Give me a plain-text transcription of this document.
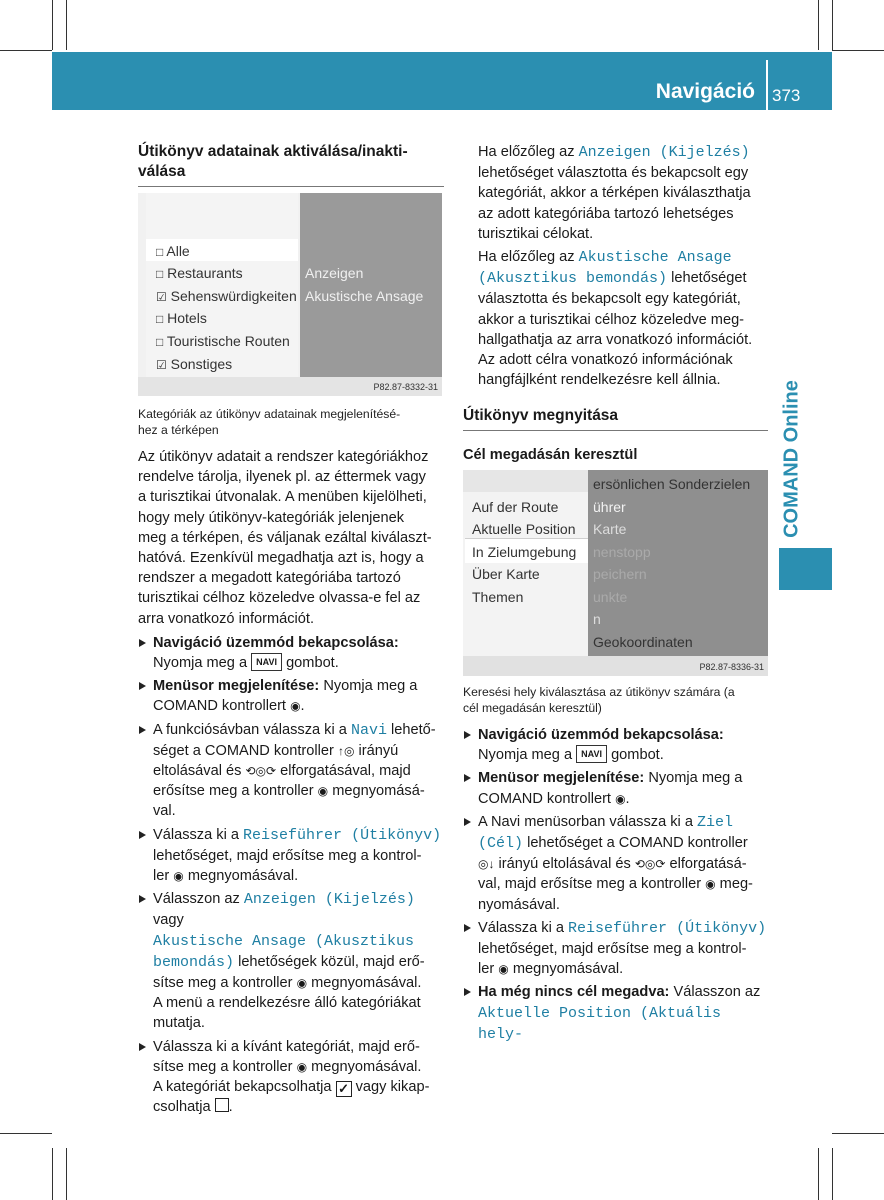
Navigáció 373
COMAND Online
Útikönyv adatainak aktiválása/inakti-
válása
P82.87-8332-31
□ Alle
□ Restaurants
☑ Sehenswürdigkeiten
□ Hotels
□ Touristische Routen
☑ Sonstiges
Anzeigen
Akustische Ansage
Kategóriák az útikönyv adatainak megjelenítésé-
hez a térképen
Az útikönyv adatait a rendszer kategóriákhoz
rendelve tárolja, ilyenek pl. az éttermek vagy
a turisztikai útvonalak. A menüben kijelölheti,
hogy mely útikönyv-kategóriák jelenjenek
meg a térképen, és váljanak ezáltal kiválaszt-
hatóvá. Ezenkívül megadhatja azt is, hogy a
rendszer a megadott kategóriába tartozó
turisztikai célhoz közeledve olvassa-e fel az
arra vonatkozó információt.
Navigáció üzemmód bekapcsolása:
Nyomja meg a NAVI gombot.
Menüsor megjelenítése: Nyomja meg a
COMAND kontrollert ◉.
A funkciósávban válassza ki a Navi lehető-
séget a COMAND kontroller ↑◎ irányú
eltolásával és ⟲◎⟳ elforgatásával, majd
erősítse meg a kontroller ◉ megnyomásá-
val.
Válassza ki a Reiseführer (Útikönyv)
lehetőséget, majd erősítse meg a kontrol-
ler ◉ megnyomásával.
Válasszon az Anzeigen (Kijelzés) vagy
Akustische Ansage (Akusztikus
bemondás) lehetőségek közül, majd erő-
sítse meg a kontroller ◉ megnyomásával.
A menü a rendelkezésre álló kategóriákat
mutatja.
Válassza ki a kívánt kategóriát, majd erő-
sítse meg a kontroller ◉ megnyomásával.
A kategóriát bekapcsolhatja ✓ vagy kikap-
csolhatja .
Ha előzőleg az Anzeigen (Kijelzés)
lehetőséget választotta és bekapcsolt egy
kategóriát, akkor a térképen kiválaszthatja
az adott kategóriába tartozó lehetséges
turisztikai célokat.
Ha előzőleg az Akustische Ansage
(Akusztikus bemondás) lehetőséget
választotta és bekapcsolt egy kategóriát,
akkor a turisztikai célhoz közeledve meg-
hallgathatja az arra vonatkozó információt.
Az adott célra vonatkozó információnak
hangfájlként rendelkezésre kell állnia.
Útikönyv megnyitása
Cél megadásán keresztül
P82.87-8336-31
Auf der Route
Aktuelle Position
In Zielumgebung
Über Karte
Themen
ersönlichen Sonderzielen
ührer
Karte
nenstopp
peichern
unkte
n
Geokoordinaten
Keresési hely kiválasztása az útikönyv számára (a
cél megadásán keresztül)
Navigáció üzemmód bekapcsolása:
Nyomja meg a NAVI gombot.
Menüsor megjelenítése: Nyomja meg a
COMAND kontrollert ◉.
A Navi menüsorban válassza ki a Ziel
(Cél) lehetőséget a COMAND kontroller
◎↓ irányú eltolásával és ⟲◎⟳ elforgatásá-
val, majd erősítse meg a kontroller ◉ meg-
nyomásával.
Válassza ki a Reiseführer (Útikönyv)
lehetőséget, majd erősítse meg a kontrol-
ler ◉ megnyomásával.
Ha még nincs cél megadva: Válasszon az
Aktuelle Position (Aktuális hely-
